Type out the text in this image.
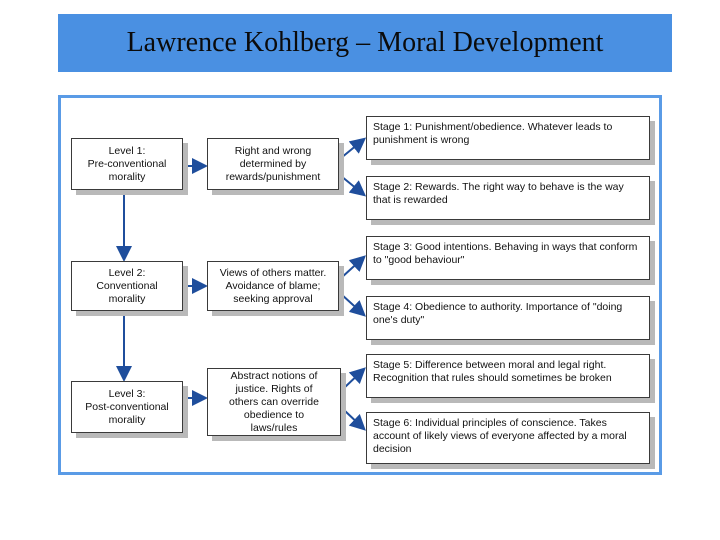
Lawrence Kohlberg – Moral Development
Level 1:
Pre-conventional
morality
Level 2:
Conventional
morality
Level 3:
Post-conventional
morality
Right and wrong
determined by
rewards/punishment
Views of others matter.
Avoidance of blame;
seeking approval
Abstract notions of
justice. Rights of
others can override
obedience to
laws/rules
Stage 1: Punishment/obedience. Whatever leads to punishment is wrong
Stage 2: Rewards. The right way to behave is the way that is rewarded
Stage 3: Good intentions. Behaving in ways that conform to "good behaviour"
Stage 4: Obedience to authority. Importance of "doing one's duty"
Stage 5: Difference between moral and legal right. Recognition that rules should sometimes be broken
Stage 6: Individual principles of conscience. Takes account of likely views of everyone affected by a moral decision
